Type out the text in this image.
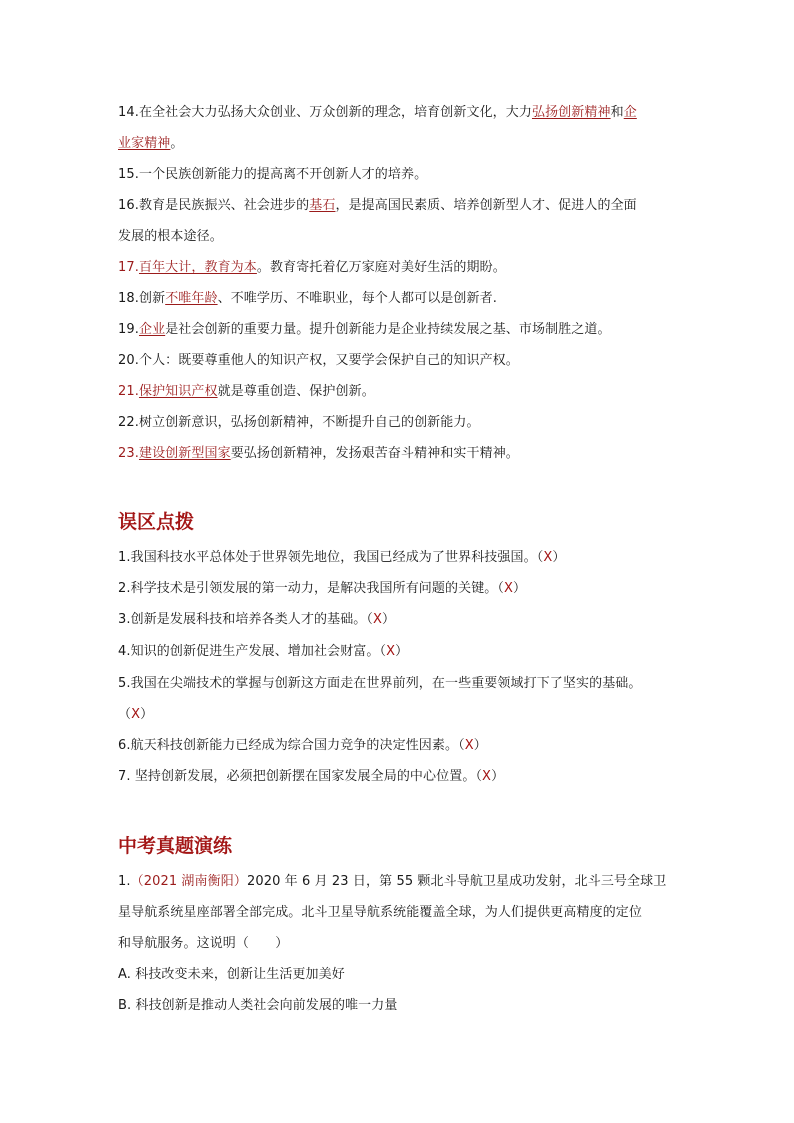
14.在全社会大力弘扬大众创业、万众创新的理念，培育创新文化，大力弘扬创新精神和企
业家精神。
15.一个民族创新能力的提高离不开创新人才的培养。
16.教育是民族振兴、社会进步的基石，是提高国民素质、培养创新型人才、促进人的全面
发展的根本途径。
17.百年大计，教育为本。教育寄托着亿万家庭对美好生活的期盼。
18.创新不唯年龄、不唯学历、不唯职业，每个人都可以是创新者.
19.企业是社会创新的重要力量。提升创新能力是企业持续发展之基、市场制胜之道。
20.个人：既要尊重他人的知识产权，又要学会保护自己的知识产权。
21.保护知识产权就是尊重创造、保护创新。
22.树立创新意识，弘扬创新精神，不断提升自己的创新能力。
23.建设创新型国家要弘扬创新精神，发扬艰苦奋斗精神和实干精神。
误区点拨
1.我国科技水平总体处于世界领先地位，我国已经成为了世界科技强国。（X）
2.科学技术是引领发展的第一动力，是解决我国所有问题的关键。（X）
3.创新是发展科技和培养各类人才的基础。（X）
4.知识的创新促进生产发展、增加社会财富。（X）
5.我国在尖端技术的掌握与创新这方面走在世界前列，在一些重要领域打下了坚实的基础。
（X）
6.航天科技创新能力已经成为综合国力竞争的决定性因素。（X）
7. 坚持创新发展，必须把创新摆在国家发展全局的中心位置。（X）
中考真题演练
1.（2021 湖南衡阳）2020 年 6 月 23 日，第 55 颗北斗导航卫星成功发射，北斗三号全球卫
星导航系统星座部署全部完成。北斗卫星导航系统能覆盖全球，为人们提供更高精度的定位
和导航服务。这说明（　　）
A. 科技改变未来，创新让生活更加美好
B. 科技创新是推动人类社会向前发展的唯一力量
